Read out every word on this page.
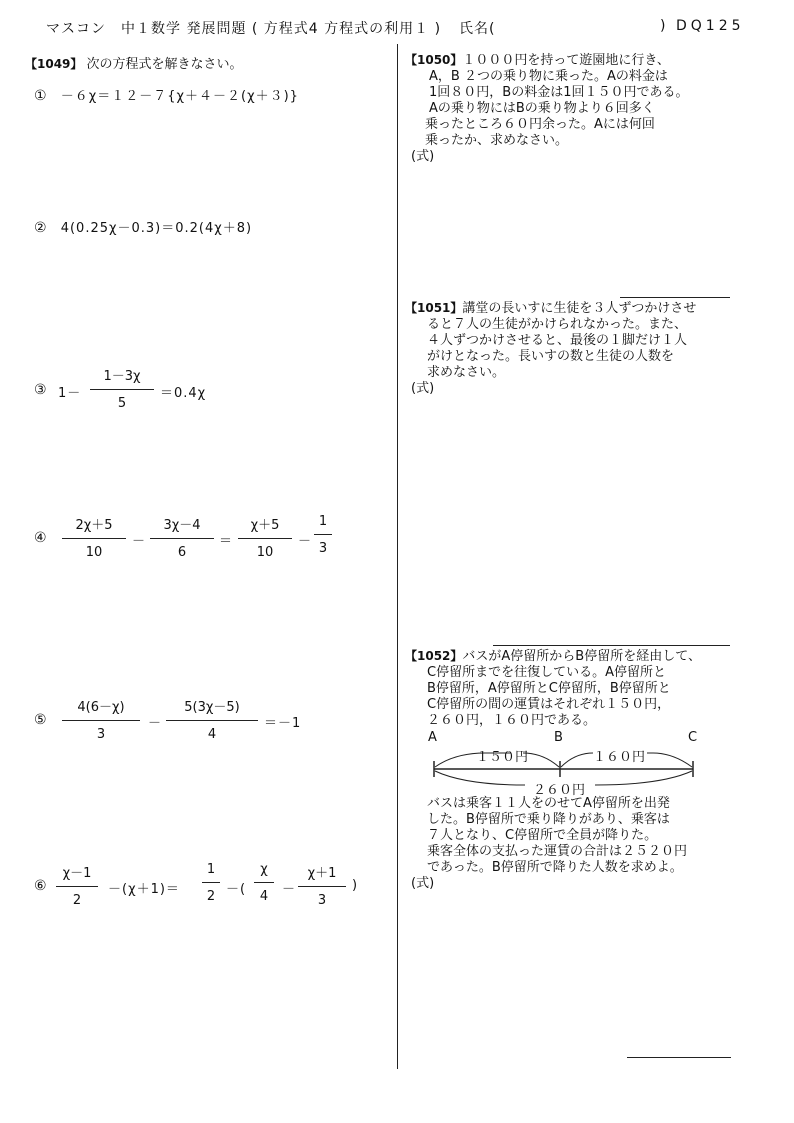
マスコン　中１数学 発展問題 ( 方程式4 方程式の利用１ ) 氏名(	) DQ125
【1049】 次の方程式を解きなさい。
① －６χ＝１２－７{χ＋４－２(χ＋３)}
② 4(0.25χ－0.3)＝0.2(4χ＋8)
③ 1－
1－3χ
5
＝0.4χ
④
2χ＋5
10
－
3χ－4
6
＝
χ＋5
10
－
1
3
⑤
4(6－χ)
3
－
5(3χ－5)
4
＝－1
⑥
χ－1
2
－(χ＋1)＝
1
2 －(
χ
4	－
χ＋1
3
)
【1050】１０００円を持って遊園地に行き、
A，B ２つの乗り物に乗った。Aの料金は
1回８０円，Bの料金は1回１５０円である。
Aの乗り物にはBの乗り物より６回多く
乗ったところ６０円余った。Aには何回
乗ったか、求めなさい。
(式)
【1051】講堂の長いすに生徒を３人ずつかけさせ
ると７人の生徒がかけられなかった。また、
４人ずつかけさせると、最後の１脚だけ１人
がけとなった。長いすの数と生徒の人数を
求めなさい。
(式)
【1052】バスがA停留所からB停留所を経由して、
C停留所までを往復している。A停留所と
B停留所，A停留所とC停留所，B停留所と
C停留所の間の運賃はそれぞれ１５０円，
２６０円，１６０円である。
A	B	C
１５０円	１６０円
２６０円
バスは乗客１１人をのせてA停留所を出発
した。B停留所で乗り降りがあり、乗客は
７人となり、C停留所で全員が降りた。
乗客全体の支払った運賃の合計は２５２０円
であった。B停留所で降りた人数を求めよ。
(式)
